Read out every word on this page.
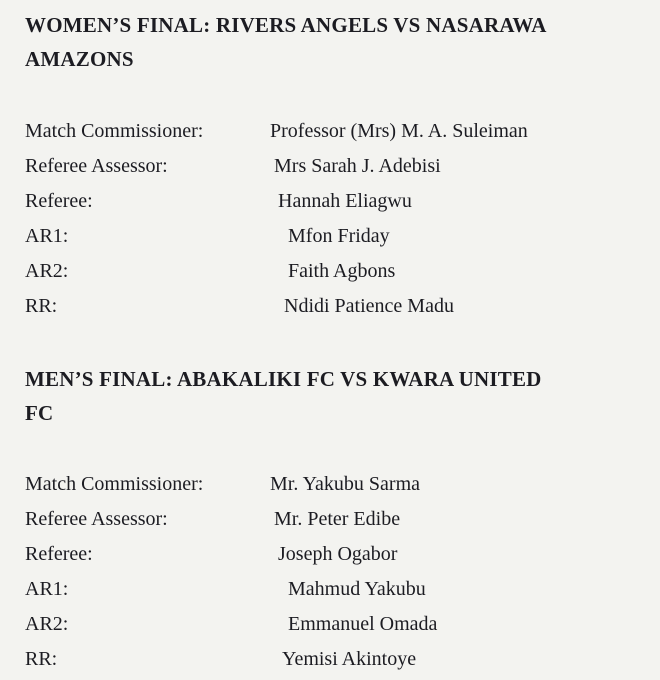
WOMEN’S FINAL: RIVERS ANGELS VS NASARAWA
AMAZONS
Match Commissioner:	Professor (Mrs) M. A. Suleiman
Referee Assessor:	Mrs Sarah J. Adebisi
Referee:	Hannah Eliagwu
AR1:	Mfon Friday
AR2:	Faith Agbons
RR:	Ndidi Patience Madu
MEN’S FINAL: ABAKALIKI FC VS KWARA UNITED
FC
Match Commissioner:	Mr. Yakubu Sarma
Referee Assessor:	Mr. Peter Edibe
Referee:	Joseph Ogabor
AR1:	Mahmud Yakubu
AR2:	Emmanuel Omada
RR:	Yemisi Akintoye
